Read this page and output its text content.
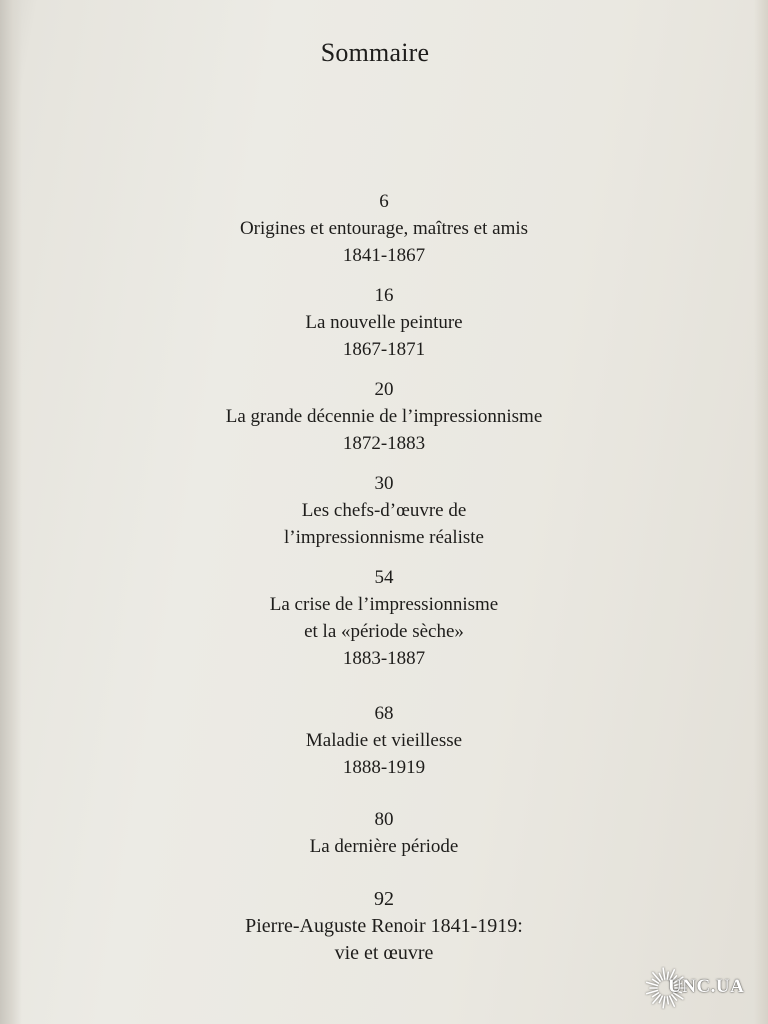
Sommaire
6
Origines et entourage, maîtres et amis
1841-1867
16
La nouvelle peinture
1867-1871
20
La grande décennie de l’impressionnisme
1872-1883
30
Les chefs-d’œuvre de
l’impressionnisme réaliste
54
La crise de l’impressionnisme
et la «période sèche»
1883-1887
68
Maladie et vieillesse
1888-1919
80
La dernière période
92
Pierre-Auguste Renoir 1841-1919:
vie et œuvre
UNC.UA
